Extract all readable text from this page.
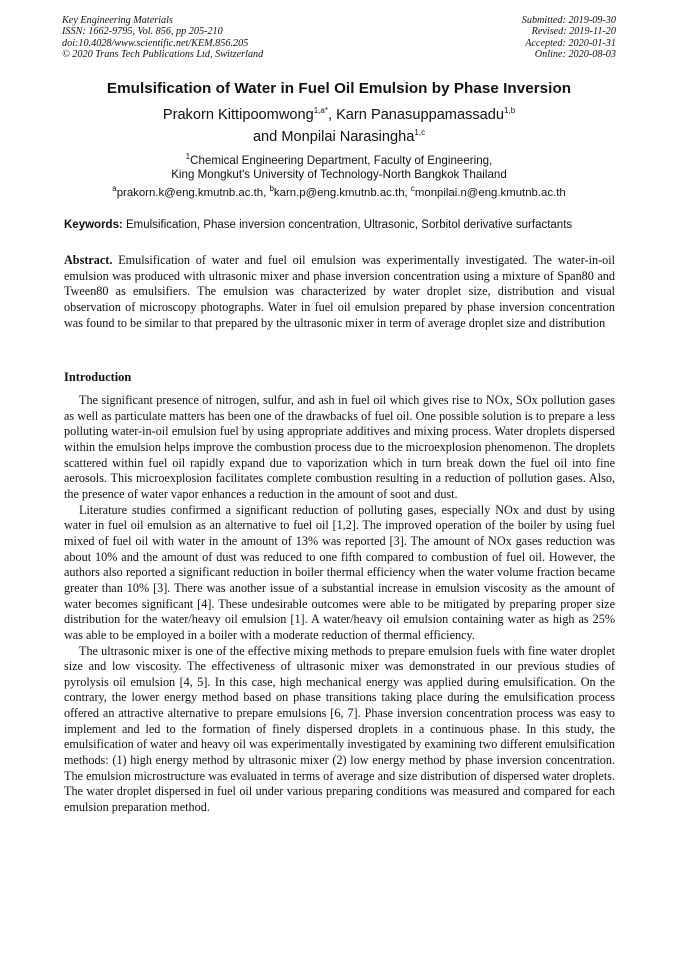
Key Engineering Materials
ISSN: 1662-9795, Vol. 856, pp 205-210
doi:10.4028/www.scientific.net/KEM.856.205
© 2020 Trans Tech Publications Ltd, Switzerland
Submitted: 2019-09-30
Revised: 2019-11-20
Accepted: 2020-01-31
Online: 2020-08-03
Emulsification of Water in Fuel Oil Emulsion by Phase Inversion
Prakorn Kittipoomwong$^{1,a*}$, Karn Panasuppamassadu$^{1,b}$
and Monpilai Narasingha$^{1,c}$
$^1$Chemical Engineering Department, Faculty of Engineering,
King Mongkut's University of Technology-North Bangkok Thailand
$^a$prakorn.k@eng.kmutnb.ac.th, $^b$karn.p@eng.kmutnb.ac.th, $^c$monpilai.n@eng.kmutnb.ac.th
Keywords: Emulsification, Phase inversion concentration, Ultrasonic, Sorbitol derivative surfactants
Abstract. Emulsification of water and fuel oil emulsion was experimentally investigated. The water-in-oil emulsion was produced with ultrasonic mixer and phase inversion concentration using a mixture of Span80 and Tween80 as emulsifiers. The emulsion was characterized by water droplet size, distribution and visual observation of microscopy photographs. Water in fuel oil emulsion prepared by phase inversion concentration was found to be similar to that prepared by the ultrasonic mixer in term of average droplet size and distribution
Introduction

The significant presence of nitrogen, sulfur, and ash in fuel oil which gives rise to NOx, SOx pollution gases as well as particulate matters has been one of the drawbacks of fuel oil. One possible solution is to prepare a less polluting water-in-oil emulsion fuel by using appropriate additives and mixing process. Water droplets dispersed within the emulsion helps improve the combustion process due to the microexplosion phenomenon. The droplets scattered within fuel oil rapidly expand due to vaporization which in turn break down the fuel oil into fine aerosols. This microexplosion facilitates complete combustion resulting in a reduction of pollution gases. Also, the presence of water vapor enhances a reduction in the amount of soot and dust.

Literature studies confirmed a significant reduction of polluting gases, especially NOx and dust by using water in fuel oil emulsion as an alternative to fuel oil [1,2]. The improved operation of the boiler by using fuel mixed of fuel oil with water in the amount of 13% was reported [3]. The amount of NOx gases reduction was about 10% and the amount of dust was reduced to one fifth compared to combustion of fuel oil. However, the authors also reported a significant reduction in boiler thermal efficiency when the water volume fraction became greater than 10% [3]. There was another issue of a substantial increase in emulsion viscosity as the amount of water becomes significant [4]. These undesirable outcomes were able to be mitigated by preparing proper size distribution for the water/heavy oil emulsion [1]. A water/heavy oil emulsion containing water as high as 25% was able to be employed in a boiler with a moderate reduction of thermal efficiency.

The ultrasonic mixer is one of the effective mixing methods to prepare emulsion fuels with fine water droplet size and low viscosity. The effectiveness of ultrasonic mixer was demonstrated in our previous studies of pyrolysis oil emulsion [4, 5]. In this case, high mechanical energy was applied during emulsification. On the contrary, the lower energy method based on phase transitions taking place during the emulsification process offered an attractive alternative to prepare emulsions [6, 7]. Phase inversion concentration process was easy to implement and led to the formation of finely dispersed droplets in a continuous phase. In this study, the emulsification of water and heavy oil was experimentally investigated by examining two different emulsification methods: (1) high energy method by ultrasonic mixer (2) low energy method by phase inversion concentration. The emulsion microstructure was evaluated in terms of average and size distribution of dispersed water droplets. The water droplet dispersed in fuel oil under various preparing conditions was measured and compared for each emulsion preparation method.
